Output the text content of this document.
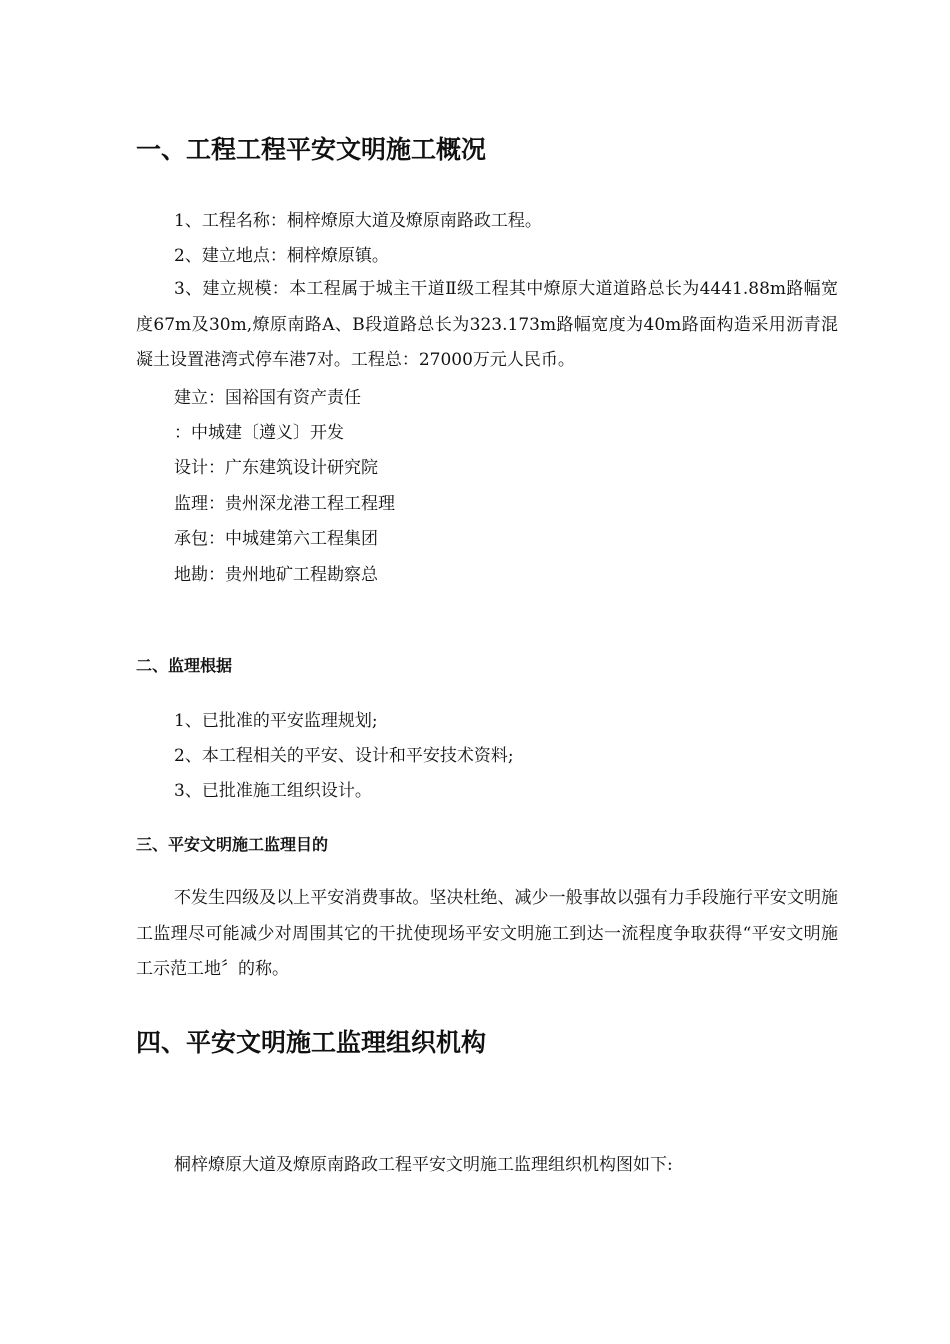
一、工程工程平安文明施工概况
1、工程名称：桐梓燎原大道及燎原南路政工程。
2、建立地点：桐梓燎原镇。
3、建立规模：本工程属于城主干道Ⅱ级工程其中燎原大道道路总长为4441.88m路幅宽度67m及30m,燎原南路A、B段道路总长为323.173m路幅宽度为40m路面构造采用沥青混凝土设置港湾式停车港7对。工程总：27000万元人民币。
建立：国裕国有资产责任
：中城建〔遵义〕开发
设计：广东建筑设计研究院
监理：贵州深龙港工程工程理
承包：中城建第六工程集团
地勘：贵州地矿工程勘察总
二、监理根据
1、已批准的平安监理规划;
2、本工程相关的平安、设计和平安技术资料;
3、已批准施工组织设计。
三、平安文明施工监理目的
不发生四级及以上平安消费事故。坚决杜绝、减少一般事故以强有力手段施行平安文明施工监理尽可能减少对周围其它的干扰使现场平安文明施工到达一流程度争取获得“平安文明施工示范工地〞的称。
四、平安文明施工监理组织机构
桐梓燎原大道及燎原南路政工程平安文明施工监理组织机构图如下:
